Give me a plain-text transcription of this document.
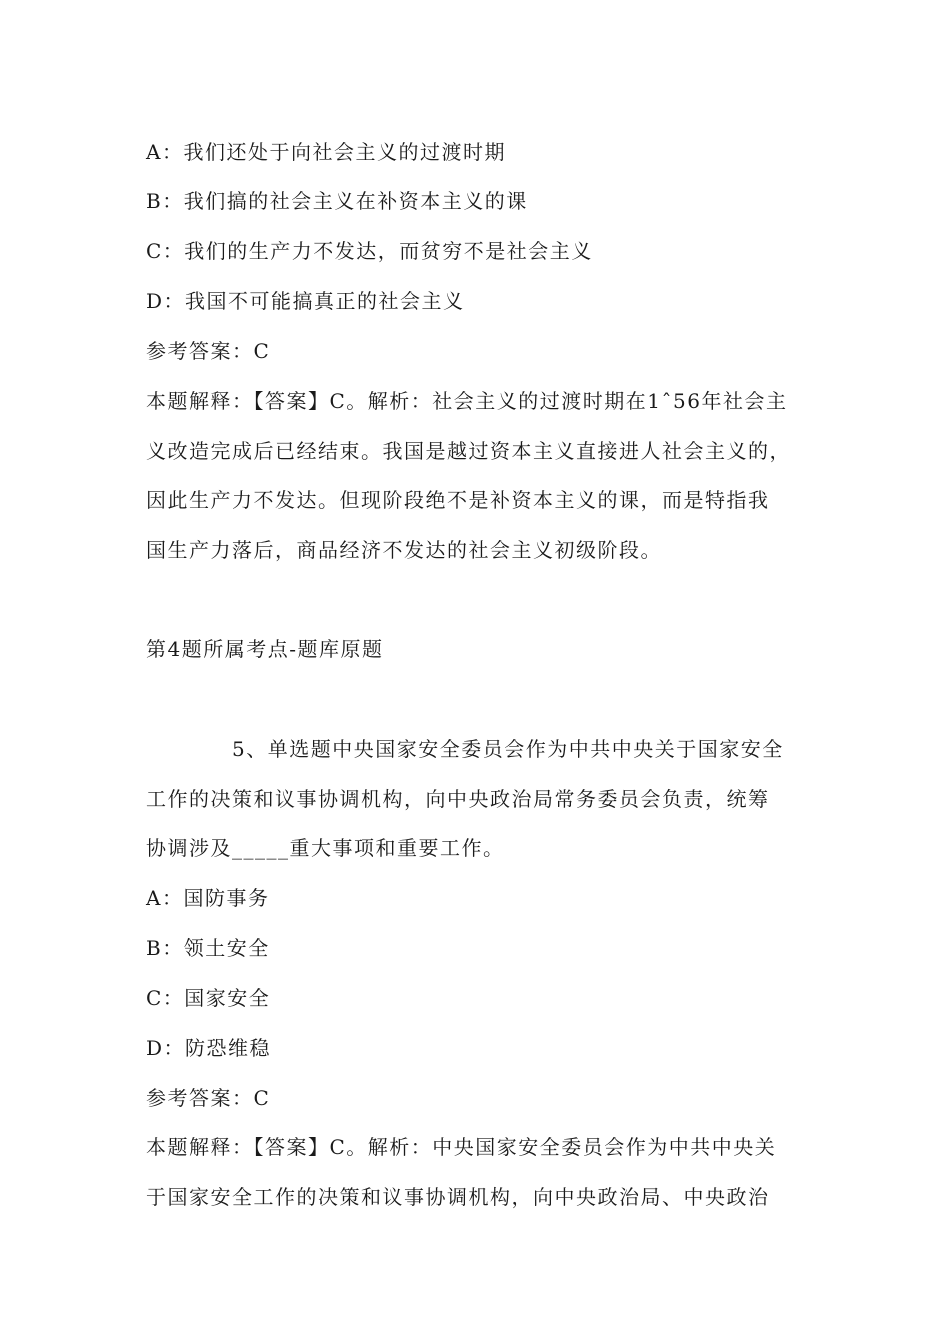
A：我们还处于向社会主义的过渡时期
B：我们搞的社会主义在补资本主义的课
C：我们的生产力不发达，而贫穷不是社会主义
D：我国不可能搞真正的社会主义
参考答案：C
本题解释：【答案】C。解析：社会主义的过渡时期在1ˆ56年社会主
义改造完成后已经结束。我国是越过资本主义直接进人社会主义的，
因此生产力不发达。但现阶段绝不是补资本主义的课，而是特指我
国生产力落后，商品经济不发达的社会主义初级阶段。
第4题所属考点-题库原题
5、单选题中央国家安全委员会作为中共中央关于国家安全
工作的决策和议事协调机构，向中央政治局常务委员会负责，统筹
协调涉及_____重大事项和重要工作。
A：国防事务
B：领土安全
C：国家安全
D：防恐维稳
参考答案：C
本题解释：【答案】C。解析：中央国家安全委员会作为中共中央关
于国家安全工作的决策和议事协调机构，向中央政治局、中央政治
